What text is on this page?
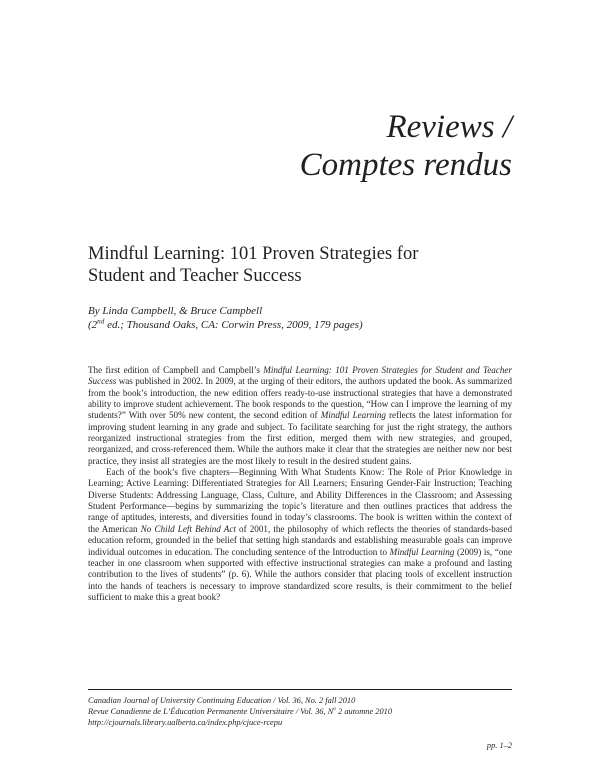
Reviews /
Comptes rendus
Mindful Learning: 101 Proven Strategies for
Student and Teacher Success
By Linda Campbell, & Bruce Campbell
(2nd ed.; Thousand Oaks, CA: Corwin Press, 2009, 179 pages)

The first edition of Campbell and Campbell’s Mindful Learning: 101 Proven Strategies for Student and Teacher Success was published in 2002. In 2009, at the urging of their editors, the authors updated the book. As summarized from the book’s introduction, the new edition offers ready-to-use instructional strategies that have a demonstrated ability to improve student achievement. The book responds to the question, “How can I improve the learning of my students?” With over 50% new content, the second edition of Mindful Learning reflects the latest information for improving student learning in any grade and subject. To facilitate searching for just the right strategy, the authors reorganized instructional strategies from the first edition, merged them with new strategies, and grouped, reorganized, and cross-referenced them. While the authors make it clear that the strategies are neither new nor best practice, they insist all strategies are the most likely to result in the desired student gains.

Each of the book’s five chapters—Beginning With What Students Know: The Role of Prior Knowledge in Learning; Active Learning: Differentiated Strategies for All Learners; Ensuring Gender-Fair Instruction; Teaching Diverse Students: Addressing Language, Class, Culture, and Ability Differences in the Classroom; and Assessing Student Performance—begins by summarizing the topic’s literature and then outlines practices that address the range of aptitudes, interests, and diversities found in today’s classrooms. The book is written within the context of the American No Child Left Behind Act of 2001, the philosophy of which reflects the theories of standards-based education reform, grounded in the belief that setting high standards and establishing measurable goals can improve individual outcomes in education. The concluding sentence of the Introduction to Mindful Learning (2009) is, “one teacher in one classroom when supported with effective instructional strategies can make a profound and lasting contribution to the lives of students” (p. 6). While the authors consider that placing tools of excellent instruction into the hands of teachers is necessary to improve standardized score results, is their commitment to the belief sufficient to make this a great book?

Canadian Journal of University Continuing Education / Vol. 36, No. 2 fall 2010
Revue Canadienne de L’Éducation Permanente Universitaire / Vol. 36, $N^o$ 2 automne 2010
http://cjournals.library.ualberta.ca/index.php/cjuce-rcepu
pp. 1–2
